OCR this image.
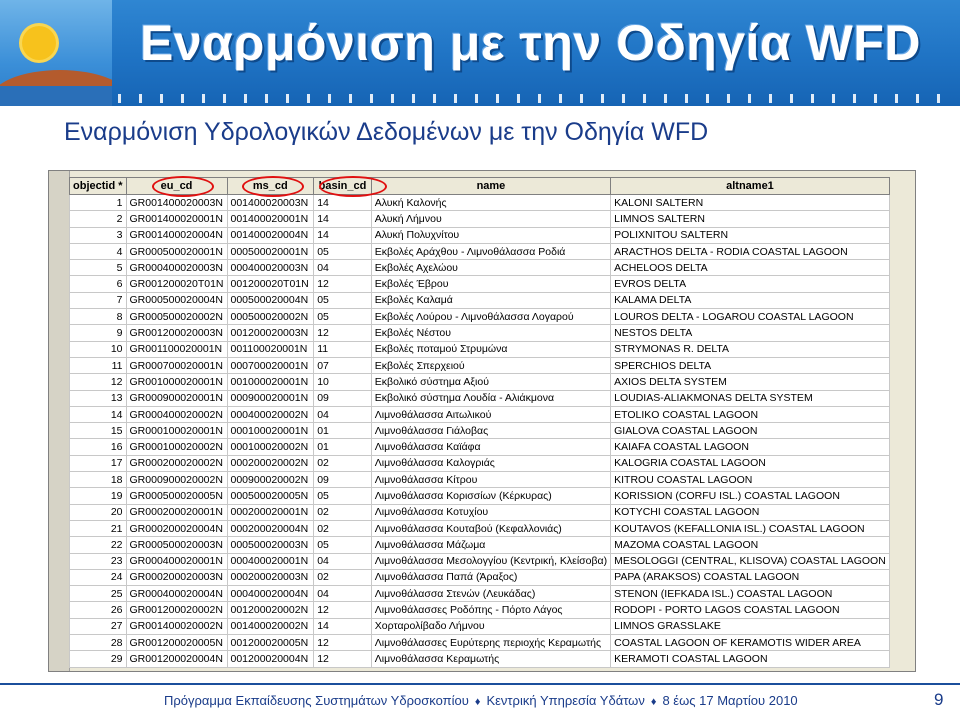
Εναρμόνιση με την Οδηγία WFD
Εναρμόνιση Υδρολογικών Δεδομένων με την Οδηγία WFD
objectid *	eu_cd	ms_cd	basin_cd	name	altname1
1	GR001400020003N	001400020003N	14	Αλυκή Καλονής	KALONI SALTERN
2	GR001400020001N	001400020001N	14	Αλυκή Λήμνου	LIMNOS SALTERN
3	GR001400020004N	001400020004N	14	Αλυκή Πολυχνίτου	POLIXNITOU SALTERN
4	GR000500020001N	000500020001N	05	Εκβολές Αράχθου - Λιμνοθάλασσα Ροδιά	ARACTHOS DELTA - RODIA COASTAL LAGOON
5	GR000400020003N	000400020003N	04	Εκβολές Αχελώου	ACHELOOS DELTA
6	GR001200020T01N	001200020T01N	12	Εκβολές Έβρου	EVROS DELTA
7	GR000500020004N	000500020004N	05	Εκβολές Καλαμά	KALAMA DELTA
8	GR000500020002N	000500020002N	05	Εκβολές Λούρου - Λιμνοθάλασσα Λογαρού	LOUROS DELTA - LOGAROU COASTAL LAGOON
9	GR001200020003N	001200020003N	12	Εκβολές Νέστου	NESTOS DELTA
10	GR001100020001N	001100020001N	11	Εκβολές ποταμού Στρυμώνα	STRYMONAS R. DELTA
11	GR000700020001N	000700020001N	07	Εκβολές Σπερχειού	SPERCHIOS DELTA
12	GR001000020001N	001000020001N	10	Εκβολικό σύστημα Αξιού	AXIOS DELTA SYSTEM
13	GR000900020001N	000900020001N	09	Εκβολικό σύστημα Λουδία - Αλιάκμονα	LOUDIAS-ALIAKMONAS DELTA SYSTEM
14	GR000400020002N	000400020002N	04	Λιμνοθάλασσα Αιτωλικού	ETOLIKO COASTAL LAGOON
15	GR000100020001N	000100020001N	01	Λιμνοθάλασσα Γιάλοβας	GIALOVA COASTAL LAGOON
16	GR000100020002N	000100020002N	01	Λιμνοθάλασσα Καϊάφα	KAIAFA COASTAL LAGOON
17	GR000200020002N	000200020002N	02	Λιμνοθάλασσα Καλογριάς	KALOGRIA COASTAL LAGOON
18	GR000900020002N	000900020002N	09	Λιμνοθάλασσα Κίτρου	KITROU COASTAL LAGOON
19	GR000500020005N	000500020005N	05	Λιμνοθάλασσα Κορισσίων (Κέρκυρας)	KORISSION (CORFU ISL.) COASTAL LAGOON
20	GR000200020001N	000200020001N	02	Λιμνοθάλασσα Κοτυχίου	KOTYCHI COASTAL LAGOON
21	GR000200020004N	000200020004N	02	Λιμνοθάλασσα Κουταβού (Κεφαλλονιάς)	KOUTAVOS (KEFALLONIA ISL.) COASTAL LAGOON
22	GR000500020003N	000500020003N	05	Λιμνοθάλασσα Μάζωμα	MAZOMA COASTAL LAGOON
23	GR000400020001N	000400020001N	04	Λιμνοθάλασσα Μεσολογγίου (Κεντρική, Κλείσοβα)	MESOLOGGI (CENTRAL, KLISOVA) COASTAL LAGOON
24	GR000200020003N	000200020003N	02	Λιμνοθάλασσα Παπά (Άραξος)	PAPA (ARAKSOS) COASTAL LAGOON
25	GR000400020004N	000400020004N	04	Λιμνοθάλασσα Στενών (Λευκάδας)	STENON (IEFKADA ISL.) COASTAL LAGOON
26	GR001200020002N	001200020002N	12	Λιμνοθάλασσες Ροδόπης - Πόρτο Λάγος	RODOPI - PORTO LAGOS COASTAL LAGOON
27	GR001400020002N	001400020002N	14	Χορταρολίβαδο Λήμνου	LIMNOS GRASSLAKE
28	GR001200020005N	001200020005N	12	Λιμνοθάλασσες Ευρύτερης περιοχής Κεραμωτής	COASTAL LAGOON OF KERAMOTIS WIDER AREA
29	GR001200020004N	001200020004N	12	Λιμνοθάλασσα Κεραμωτής	KERAMOTI COASTAL LAGOON
Πρόγραμμα Εκπαίδευσης Συστημάτων Υδροσκοπίου ♦ Κεντρική Υπηρεσία Υδάτων ♦ 8 έως 17 Μαρτίου 2010	9
